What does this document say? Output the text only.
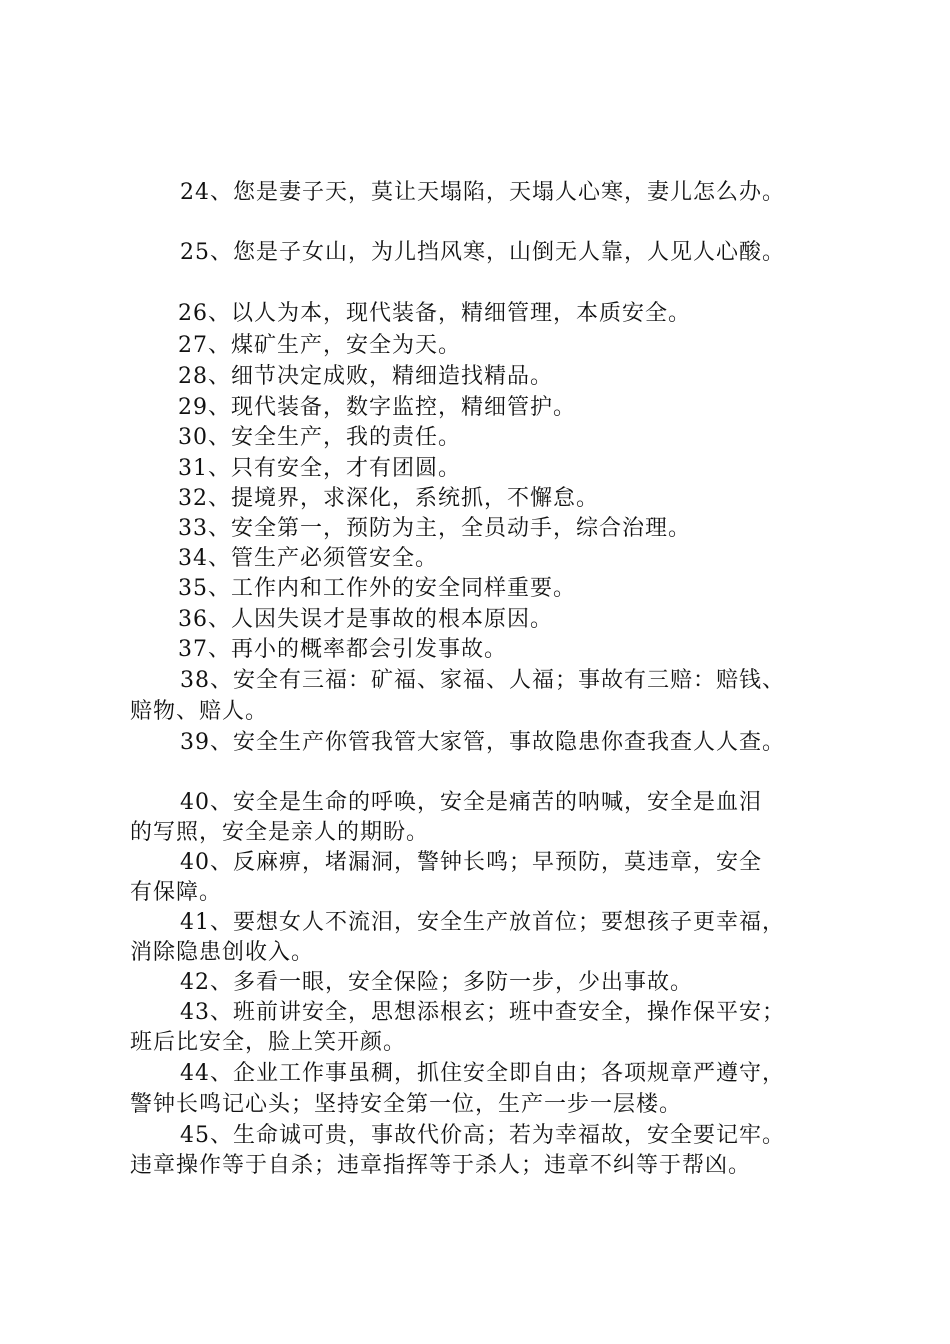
24、您是妻子天，莫让天塌陷，天塌人心寒，妻儿怎么办。
25、您是子女山，为儿挡风寒，山倒无人靠，人见人心酸。
26、以人为本，现代装备，精细管理，本质安全。
27、煤矿生产，安全为天。
28、细节决定成败，精细造找精品。
29、现代装备，数字监控，精细管护。
30、安全生产，我的责任。
31、只有安全，才有团圆。
32、提境界，求深化，系统抓，不懈怠。
33、安全第一，预防为主，全员动手，综合治理。
34、管生产必须管安全。
35、工作内和工作外的安全同样重要。
36、人因失误才是事故的根本原因。
37、再小的概率都会引发事故。
38、安全有三福：矿福、家福、人福；事故有三赔：赔钱、
赔物、赔人。
39、安全生产你管我管大家管，事故隐患你查我查人人查。
40、安全是生命的呼唤，安全是痛苦的呐喊，安全是血泪
的写照，安全是亲人的期盼。
40、反麻痹，堵漏洞，警钟长鸣；早预防，莫违章，安全
有保障。
41、要想女人不流泪，安全生产放首位；要想孩子更幸福，
消除隐患创收入。
42、多看一眼，安全保险；多防一步，少出事故。
43、班前讲安全，思想添根玄；班中查安全，操作保平安；
班后比安全，脸上笑开颜。
44、企业工作事虽稠，抓住安全即自由；各项规章严遵守，
警钟长鸣记心头；坚持安全第一位，生产一步一层楼。
45、生命诚可贵，事故代价高；若为幸福故，安全要记牢。
违章操作等于自杀；违章指挥等于杀人；违章不纠等于帮凶。
